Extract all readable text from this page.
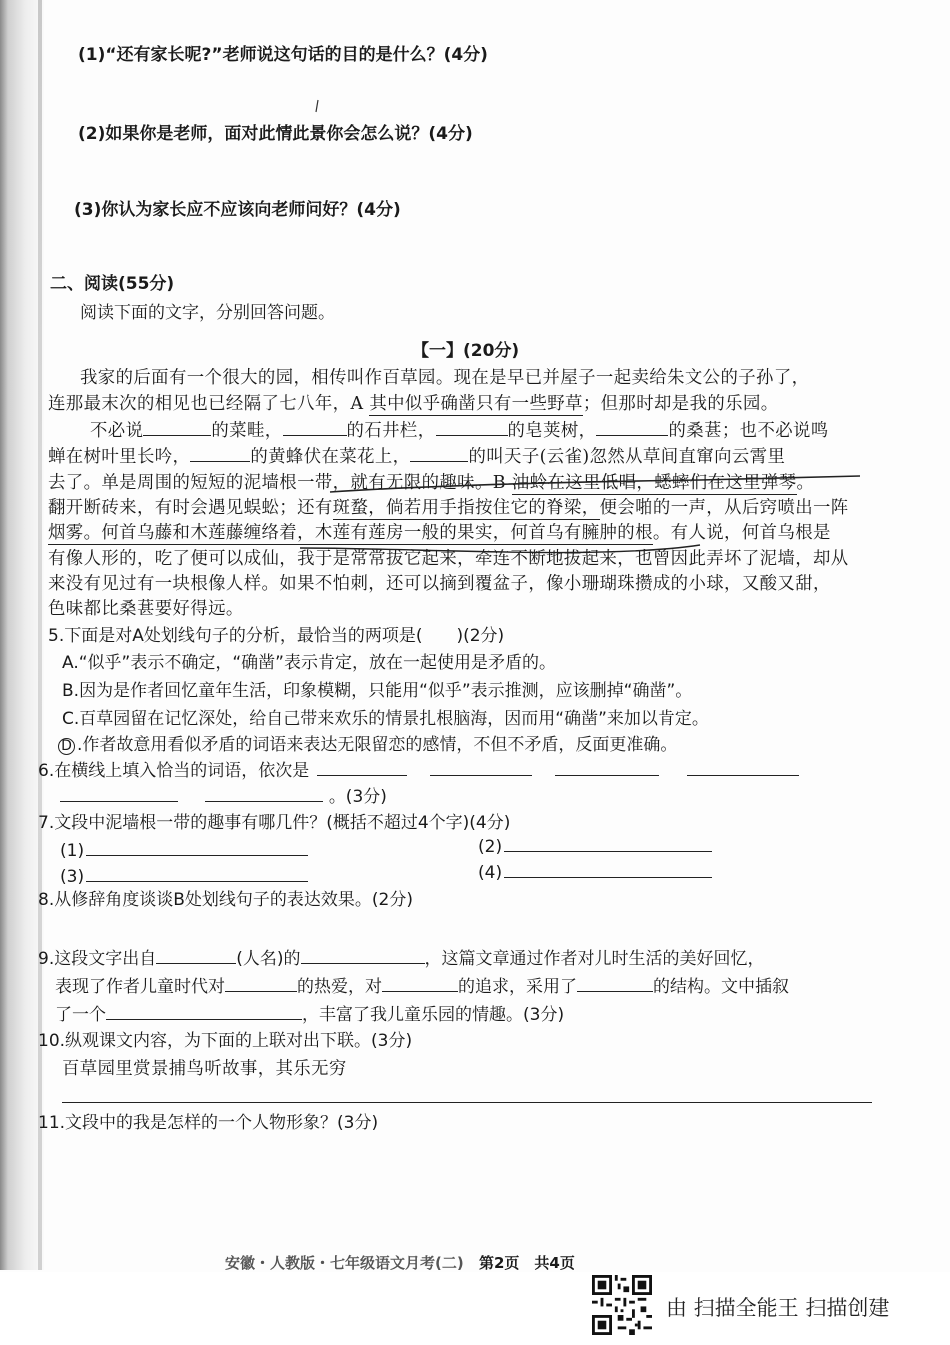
(1)“还有家长呢?”老师说这句话的目的是什么？(4分)
(2)如果你是老师，面对此情此景你会怎么说？(4分)
(3)你认为家长应不应该向老师问好？(4分)
二、阅读(55分)
阅读下面的文字，分别回答问题。
【一】(20分)
我家的后面有一个很大的园，相传叫作百草园。现在是早已并屋子一起卖给朱文公的子孙了，
连那最末次的相见也已经隔了七八年，A 其中似乎确凿只有一些野草；但那时却是我的乐园。
不必说	的菜畦，	的石井栏，	的皂荚树，	的桑葚；也不必说鸣
蝉在树叶里长吟，	的黄蜂伏在菜花上，	的叫天子(云雀)忽然从草间直窜向云霄里
去了。单是周围的短短的泥墙根一带，就有无限的趣味。B 油蛉在这里低唱，蟋蟀们在这里弹琴。
翻开断砖来，有时会遇见蜈蚣；还有斑蝥，倘若用手指按住它的脊梁，便会啪的一声，从后窍喷出一阵
烟雾。何首乌藤和木莲藤缠络着，木莲有莲房一般的果实，何首乌有臃肿的根。有人说，何首乌根是
有像人形的，吃了便可以成仙，我于是常常拔它起来，牵连不断地拔起来，也曾因此弄坏了泥墙，却从
来没有见过有一块根像人样。如果不怕刺，还可以摘到覆盆子，像小珊瑚珠攒成的小球，又酸又甜，
色味都比桑葚要好得远。
5.下面是对A处划线句子的分析，最恰当的两项是(　　)(2分)
A.“似乎”表示不确定，“确凿”表示肯定，放在一起使用是矛盾的。
B.因为是作者回忆童年生活，印象模糊，只能用“似乎”表示推测，应该删掉“确凿”。
C.百草园留在记忆深处，给自己带来欢乐的情景扎根脑海，因而用“确凿”来加以肯定。
D .作者故意用看似矛盾的词语来表达无限留恋的感情，不但不矛盾，反面更准确。
6.在横线上填入恰当的词语，依次是
。(3分)
7.文段中泥墙根一带的趣事有哪几件？(概括不超过4个字)(4分)
(1)	(2)
(3)	(4)
8.从修辞角度谈谈B处划线句子的表达效果。(2分)
9.这段文字出自	(人名)的	，这篇文章通过作者对儿时生活的美好回忆，
表现了作者儿童时代对	的热爱，对	的追求，采用了	的结构。文中插叙
了一个	，丰富了我儿童乐园的情趣。(3分)
10.纵观课文内容，为下面的上联对出下联。(3分)
百草园里赏景捕鸟听故事，其乐无穷
11.文段中的我是怎样的一个人物形象？(3分)
安徽・人教版・七年级语文月考(二) 第2页　共4页
由 扫描全能王 扫描创建
